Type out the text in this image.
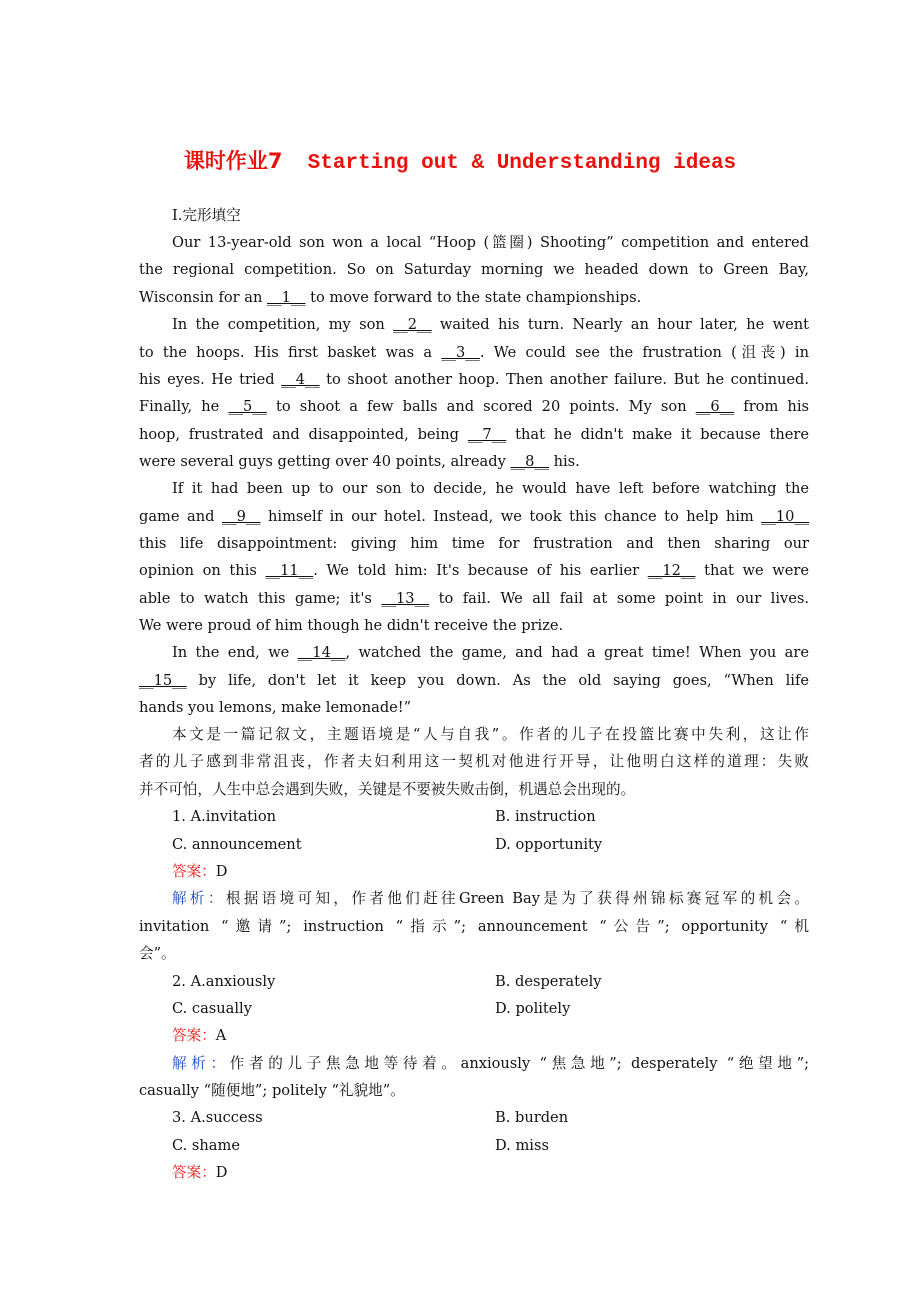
课时作业7 Starting out & Understanding ideas
Ⅰ.完形填空
Our 13-year-old son won a local “Hoop (篮圈) Shooting” competition and entered
the regional competition. So on Saturday morning we headed down to Green Bay,
Wisconsin for an __1__ to move forward to the state championships.
In the competition, my son __2__ waited his turn. Nearly an hour later, he went
to the hoops. His first basket was a __3__. We could see the frustration (沮丧) in
his eyes. He tried __4__ to shoot another hoop. Then another failure. But he continued.
Finally, he __5__ to shoot a few balls and scored 20 points. My son __6__ from his
hoop, frustrated and disappointed, being __7__ that he didn't make it because there
were several guys getting over 40 points, already __8__ his.
If it had been up to our son to decide, he would have left before watching the
game and __9__ himself in our hotel. Instead, we took this chance to help him __10__
this life disappointment: giving him time for frustration and then sharing our
opinion on this __11__. We told him: It's because of his earlier __12__ that we were
able to watch this game; it's __13__ to fail. We all fail at some point in our lives.
We were proud of him though he didn't receive the prize.
In the end, we __14__, watched the game, and had a great time! When you are
__15__ by life, don't let it keep you down. As the old saying goes, “When life
hands you lemons, make lemonade!”
本文是一篇记叙文，主题语境是“人与自我”。作者的儿子在投篮比赛中失利，这让作
者的儿子感到非常沮丧，作者夫妇利用这一契机对他进行开导，让他明白这样的道理：失败
并不可怕，人生中总会遇到失败，关键是不要被失败击倒，机遇总会出现的。
1. A.invitation	B. instruction
C. announcement	D. opportunity
答案：D
解析：根据语境可知，作者他们赶往Green Bay是为了获得州锦标赛冠军的机会。
invitation “邀请”; instruction “指示”; announcement “公告”; opportunity “机
会”。
2. A.anxiously	B. desperately
C. casually	D. politely
答案：A
解析：作者的儿子焦急地等待着。anxiously “焦急地”; desperately “绝望地”;
casually “随便地”; politely “礼貌地”。
3. A.success	B. burden
C. shame	D. miss
答案：D
